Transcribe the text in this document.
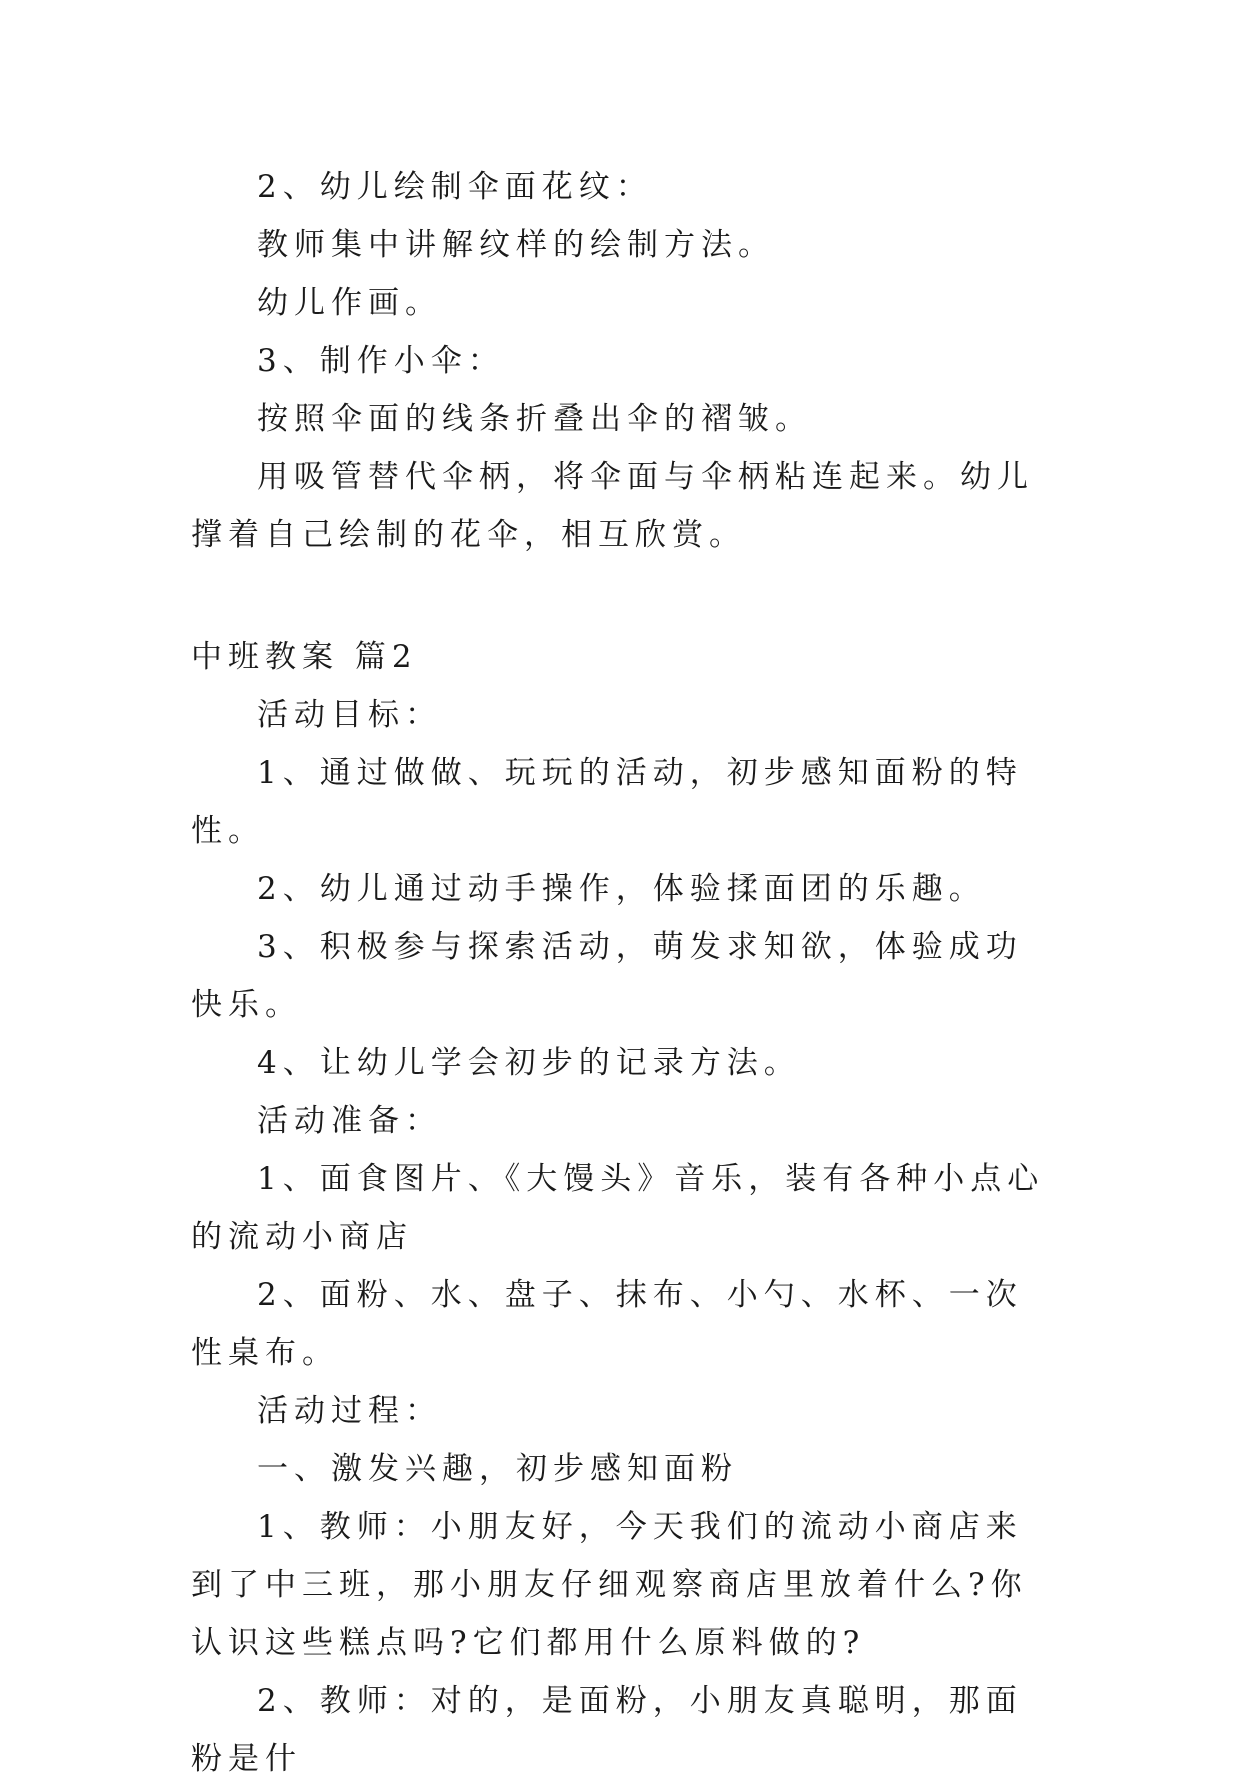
2、幼儿绘制伞面花纹：

教师集中讲解纹样的绘制方法。

幼儿作画。

3、制作小伞：

按照伞面的线条折叠出伞的褶皱。

用吸管替代伞柄，将伞面与伞柄粘连起来。幼儿撑着自己绘制的花伞，相互欣赏。

中班教案 篇2

活动目标：

1、通过做做、玩玩的活动，初步感知面粉的特性。

2、幼儿通过动手操作，体验揉面团的乐趣。

3、积极参与探索活动，萌发求知欲，体验成功快乐。

4、让幼儿学会初步的记录方法。

活动准备：

1、面食图片、《大馒头》音乐，装有各种小点心的流动小商店

2、面粉、水、盘子、抹布、小勺、水杯、一次性桌布。

活动过程：

一、激发兴趣，初步感知面粉

1、教师：小朋友好，今天我们的流动小商店来到了中三班，那小朋友仔细观察商店里放着什么?你认识这些糕点吗?它们都用什么原料做的?

2、教师：对的，是面粉，小朋友真聪明，那面粉是什
